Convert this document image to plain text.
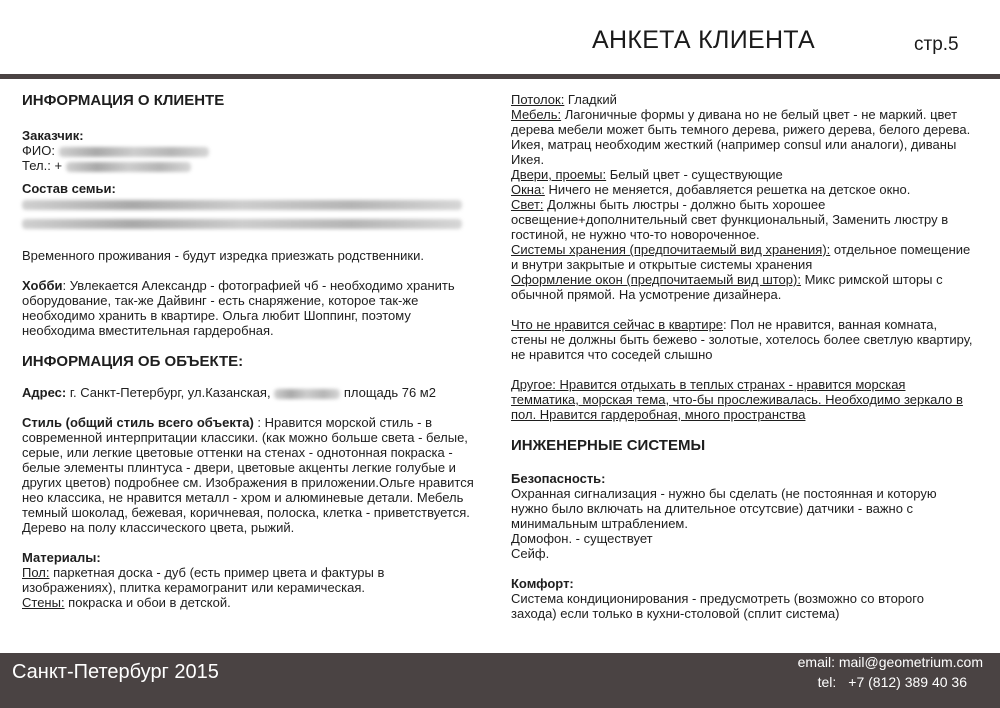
АНКЕТА КЛИЕНТА	стр.5
ИНФОРМАЦИЯ О КЛИЕНТЕ
Заказчик:
ФИО:
Тел.: +
Состав семьи:

Временного проживания - будут изредка приезжать родственники.
Хобби: Увлекается Александр - фотографией чб - необходимо хранить оборудование, так-же Дайвинг - есть снаряжение, которое так-же необходимо хранить в квартире. Ольга любит Шоппинг, поэтому необходима вместительная гардеробная.
ИНФОРМАЦИЯ ОБ ОБЪЕКТЕ:
Адрес: г. Санкт-Петербург, ул.Казанская,	площадь 76 м2
Стиль (общий стиль всего объекта) : Нравится морской стиль - в современной интерпритации классики. (как можно больше света - белые, серые, или легкие цветовые оттенки на стенах - однотонная покраска - белые элементы плинтуса - двери, цветовые акценты легкие голубые и других цветов) подробнее см. Изображения в приложении.Ольге нравится нео классика, не нравится металл - хром и алюминевые детали. Мебель темный шоколад, бежевая, коричневая, полоска, клетка - приветствуется. Дерево на полу классического цвета, рыжий.
Материалы:
Пол: паркетная доска - дуб (есть пример цвета и фактуры в изображениях), плитка керамогранит или керамическая.
Стены: покраска и обои в детской.
Потолок: Гладкий
Мебель: Лагоничные формы у дивана но не белый цвет - не маркий. цвет дерева мебели может быть темного дерева, рижего дерева, белого дерева. Икея, матрац необходим жесткий (например consul или аналоги), диваны Икея.
Двери, проемы: Белый цвет - существующие
Окна: Ничего не меняется, добавляется решетка на детское окно.
Свет: Должны быть люстры - должно быть хорошее освещение+дополнительный свет функциональный, Заменить люстру в гостиной, не нужно что-то новороченное.
Системы хранения (предпочитаемый вид хранения): отдельное помещение и внутри закрытые и открытые системы хранения
Оформление окон (предпочитаемый вид штор): Микс римской шторы с обычной прямой. На усмотрение дизайнера.
Что не нравится сейчас в квартире: Пол не нравится, ванная комната, стены не должны быть бежево - золотые, хотелось более светлую квартиру, не нравится что соседей слышно
Другое: Нравится отдыхать в теплых странах - нравится морская темматика, морская тема, что-бы прослеживалась. Необходимо зеркало в пол. Нравится гардеробная, много пространства
ИНЖЕНЕРНЫЕ СИСТЕМЫ
Безопасность:
Охранная сигнализация - нужно бы сделать (не постоянная и которую нужно было включать на длительное отсутсвие) датчики - важно с минимальным штраблением.
Домофон. - существует
Сейф.
Комфорт:
Система кондиционирования - предусмотреть (возможно со второго захода) если только в кухни-столовой (сплит система)
Санкт-Петербург 2015	email: mail@geometrium.com
tel: +7 (812) 389 40 36
